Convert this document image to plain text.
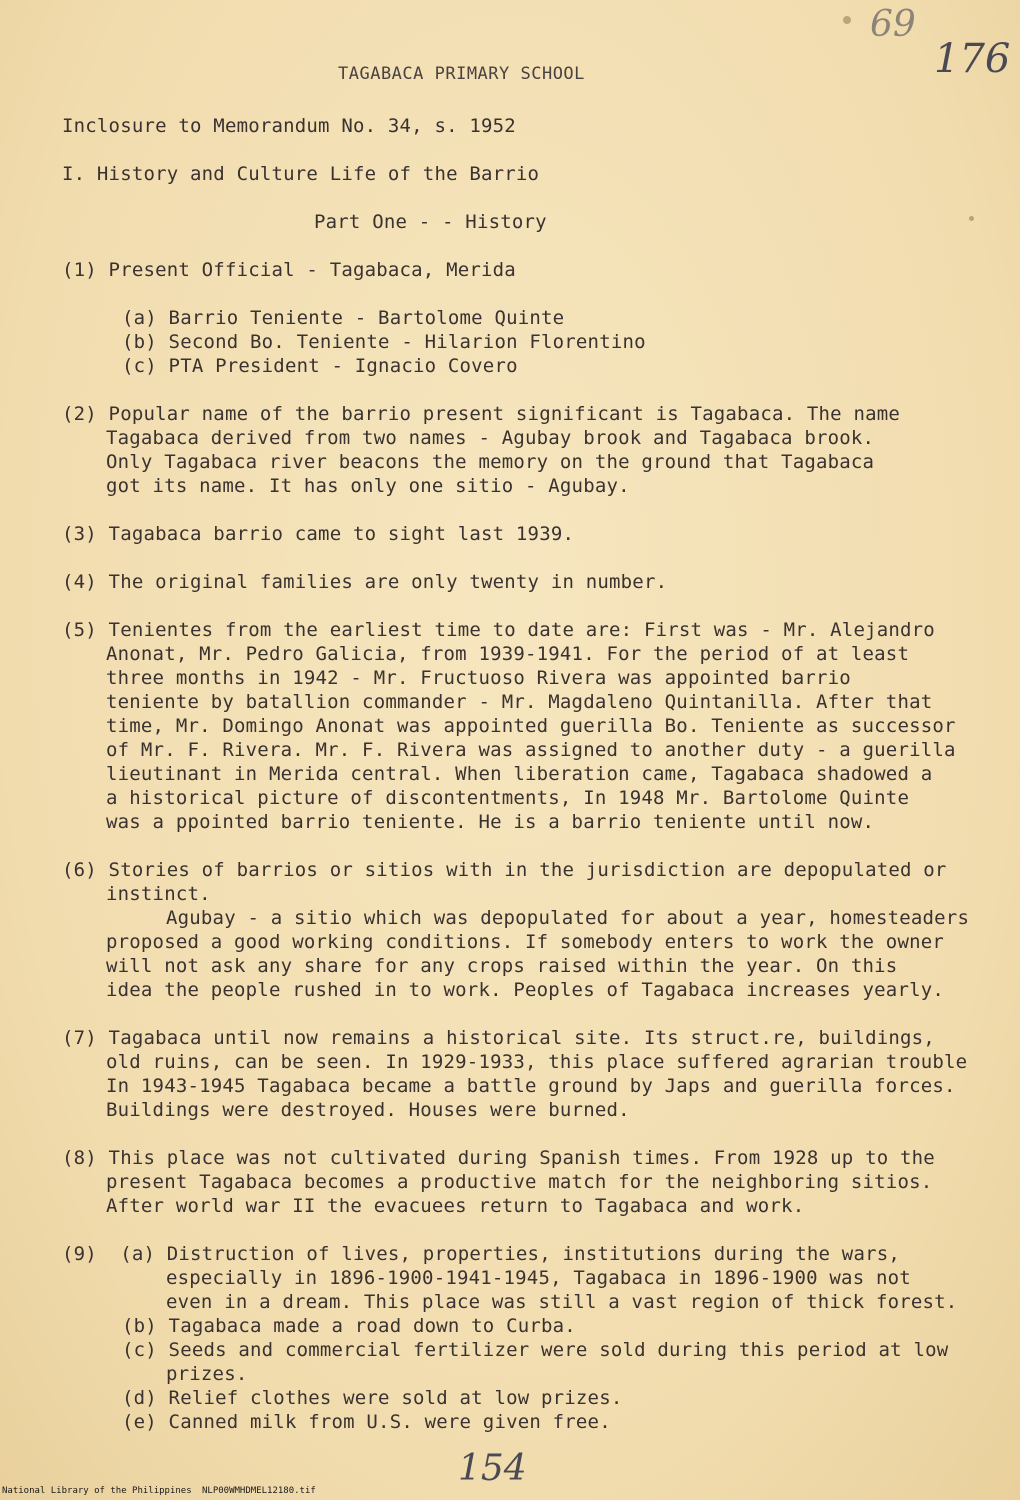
69
176
TAGABACA PRIMARY SCHOOL
Inclosure to Memorandum No. 34, s. 1952
I. History and Culture Life of the Barrio
Part One - - History
(1) Present Official - Tagabaca, Merida
(a) Barrio Teniente - Bartolome Quinte
(b) Second Bo. Teniente - Hilarion Florentino
(c) PTA President - Ignacio Covero
(2) Popular name of the barrio present significant is Tagabaca. The name
Tagabaca derived from two names - Agubay brook and Tagabaca brook.
Only Tagabaca river beacons the memory on the ground that Tagabaca
got its name. It has only one sitio - Agubay.
(3) Tagabaca barrio came to sight last 1939.
(4) The original families are only twenty in number.
(5) Tenientes from the earliest time to date are: First was - Mr. Alejandro
Anonat, Mr. Pedro Galicia, from 1939-1941. For the period of at least
three months in 1942 - Mr. Fructuoso Rivera was appointed barrio
teniente by batallion commander - Mr. Magdaleno Quintanilla. After that
time, Mr. Domingo Anonat was appointed guerilla Bo. Teniente as successor
of Mr. F. Rivera. Mr. F. Rivera was assigned to another duty - a guerilla
lieutinant in Merida central. When liberation came, Tagabaca shadowed a
a historical picture of discontentments, In 1948 Mr. Bartolome Quinte
was a ppointed barrio teniente. He is a barrio teniente until now.
(6) Stories of barrios or sitios with in the jurisdiction are depopulated or
instinct.
Agubay - a sitio which was depopulated for about a year, homesteaders
proposed a good working conditions. If somebody enters to work the owner
will not ask any share for any crops raised within the year. On this
idea the people rushed in to work. Peoples of Tagabaca increases yearly.
(7) Tagabaca until now remains a historical site. Its struct.re, buildings,
old ruins, can be seen. In 1929-1933, this place suffered agrarian trouble
In 1943-1945 Tagabaca became a battle ground by Japs and guerilla forces.
Buildings were destroyed. Houses were burned.
(8) This place was not cultivated during Spanish times. From 1928 up to the
present Tagabaca becomes a productive match for the neighboring sitios.
After world war II the evacuees return to Tagabaca and work.
(9)  (a) Distruction of lives, properties, institutions during the wars,
especially in 1896-1900-1941-1945, Tagabaca in 1896-1900 was not
even in a dream. This place was still a vast region of thick forest.
(b) Tagabaca made a road down to Curba.
(c) Seeds and commercial fertilizer were sold during this period at low
prizes.
(d) Relief clothes were sold at low prizes.
(e) Canned milk from U.S. were given free.
154
National Library of the Philippines NLP00WMHDMEL12180.tif
